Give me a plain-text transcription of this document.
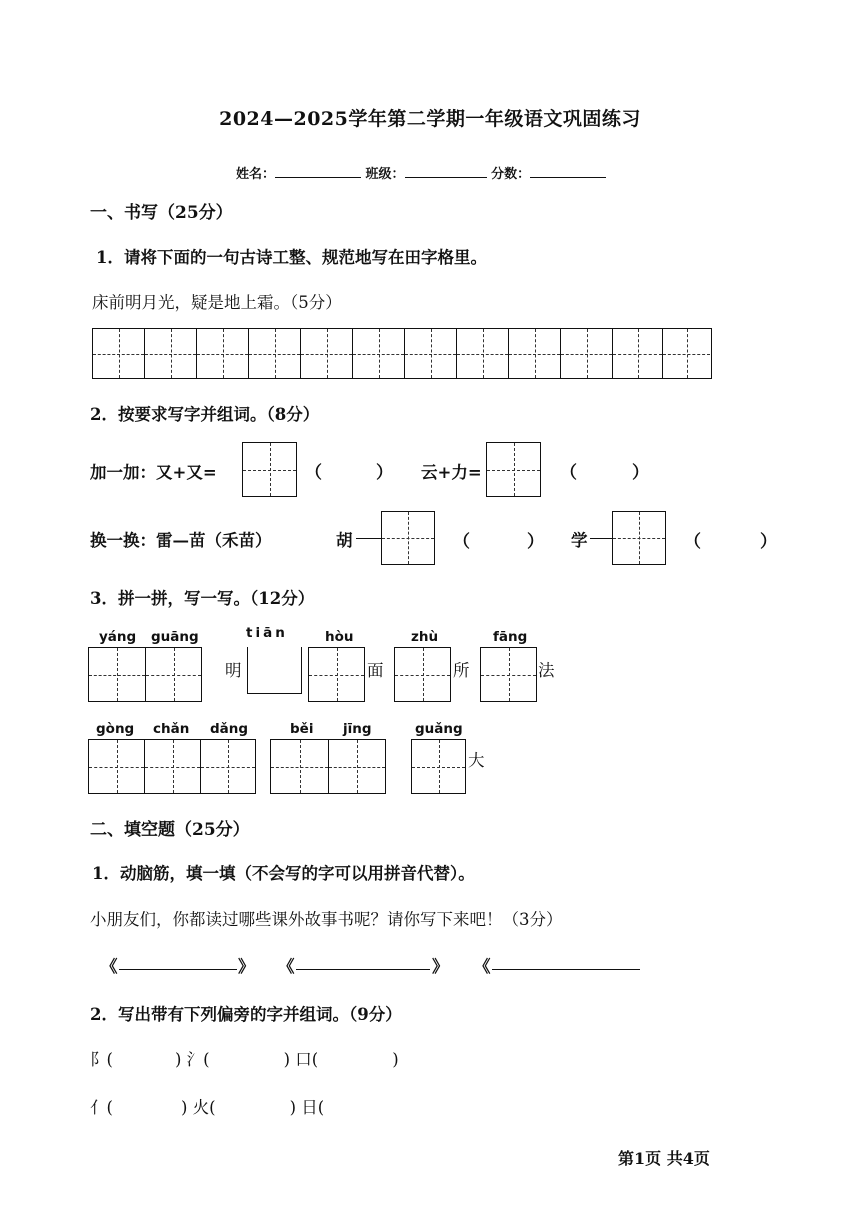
2024—2025学年第二学期一年级语文巩固练习
姓名：	班级：	分数：
一、书写（25分）
1．请将下面的一句古诗工整、规范地写在田字格里。
床前明月光，疑是地上霜。（5分）
2．按要求写字并组词。（8分）
加一加：又+又=	（	） 云+力=	（	）
换一换：雷—苗（禾苗）	胡	（	） 学	（	）
3．拼一拼，写一写。（12分）
yáng guāng	tiān	hòu	zhù	fāng
明	面	所	法
gòng chǎn dǎng	běi jīng	guǎng
大
二、填空题（25分）
1．动脑筋，填一填（不会写的字可以用拼音代替）。
小朋友们，你都读过哪些课外故事书呢？请你写下来吧！（3分）
《	》 《	》 《
2．写出带有下列偏旁的字并组词。（9分）
阝(	) 氵(	) 口(	)
亻(	) 火(	) 日(
第1页 共4页
